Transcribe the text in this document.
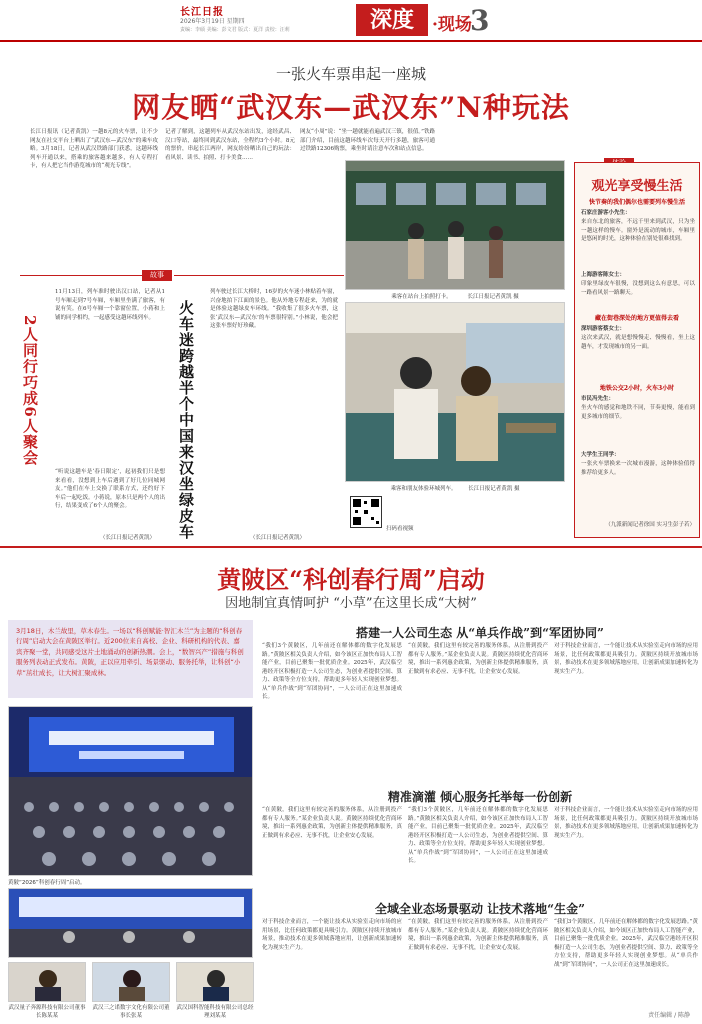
长江日报
2026年3月19日 星期四
责编：李硕 美编：彭文君 版式：夏洋 责校：汪莉	深度	·现场
3
一张火车票串起一座城
网友晒“武汉东—武汉东”N种玩法
长江日报讯（记者黄凯）一趟8元的火车票，让不少网友在社交平台上晒出了“武汉东—武汉东”的乘车攻略。3月18日，记者从武汉铁路部门获悉，这趟环线列车开通以来，搭乘的旅客越来越多，有人专程打卡，有人把它当作游览城市的“观光专线”。
记者了解到，这趟列车从武汉东站出发，途经武昌、汉口等站，最终回到武汉东站，全程约3个小时。8元的票价，串起长江两岸，网友纷纷晒出自己的玩法：看风景、读书、拍照、打卡美食……
网友“小周”说：“坐一趟就能看遍武汉三镇，很值。”铁路部门介绍，目前这趟环线车次每天开行多趟，旅客可通过铁路12306购票，乘坐时请注意车次和站点信息。
故事
2人同行巧成6人聚会
11月13日，列车准时驶出汉口站，记者从1号车厢走到7号车厢，车厢里坐满了旅客，有说有笑。在6号车厢一个靠窗位置，小蒋和上铺的同学相约，一起感受这趟环线列车。
“听说这趟车是‘春日限定’，起初我们只是想来看看，没想到上车后遇到了好几位同城网友。”他们在车上交换了联系方式，还约好下车后一起吃饭。小蒋说，原本只是两个人的出行，结果变成了6个人的聚会。
（长江日报记者黄凯）	火车迷跨越半个中国来汉坐绿皮车
列车驶过长江大桥时，16岁的火车迷小林贴着车窗，兴奋地拍下江面的景色。他从外地专程赶来，为的就是体验这趟绿皮车环线。“我收集了很多火车票，这张‘武汉东—武汉东’的车票很特别。”小林说，他会把这张车票好好珍藏。
（长江日报记者黄凯）
乘客在站台上拍照打卡。	长江日报记者黄凯 摄
乘客和朋友体验环城列车。 长江日报记者黄凯 摄
扫码看视频
观光享受慢生活
快节奏的我们偶尔也需要列车慢生活
石家庄游客小先生：
来自东北的旅客，不远千里来到武汉，只为坐一趟这样的慢车。窗外是流动的城市，车厢里是悠闲的时光，这种体验在别处很难找到。
上海游客陈女士：
印象里绿皮车很慢，没想到这么有意思，可以一路看风景一路聊天。
藏在街巷深处的地方更值得去看
深圳游客蔡女士：
这次来武汉，就是想慢慢走、慢慢看，坐上这趟车，才发现城市的另一面。
地铁公交2小时，火车3小时
市民冯先生：
坐火车的感觉和地铁不同，节奏更慢，能看到更多城市的细节。
大学生王同学：
一张火车票换来一次城市漫游，这种体验值得推荐给更多人。
（九派新闻记者徐国 实习生彭子若）
黄陂区“科创春行周”启动
因地制宜真情呵护 “小草”在这里长成“大树”
3月18日，木兰故里，草木春生。一场以“科创赋能·智汇木兰”为主题的“科创春行周”启动大会在黄陂区举行。近200位来自高校、企业、科研机构的代表、嘉宾齐聚一堂，共同感受这片土地涌动的创新热潮。会上，“数智兴产”措施与科创服务列表动正式发布。黄陂，正以应用牵引、场景驱动、服务托举，让科创“小草”茁壮成长，让大树汇聚成林。
黄陂“2026”科创春行周”启动。
武汉量子奔源科技有限公司董事长陈某某
武汉三之诺数字文化有限公司董事长张某
武汉国科智能科技有限公司总经理刘某某
搭建一人公司生态 从“单兵作战”到“军团协同”
“我们3个黄陂区，几年前还在解体都的数字化发展思路。”黄陂区相关负责人介绍，如今该区正加快布局人工智能产业，目前已聚集一批优质企业。2025年，武汉临空港经开区积极打造一人公司生态，为创业者提供空间、算力、政策等全方位支持，帮助更多年轻人实现创业梦想。从“单兵作战”到“军团协同”，一人公司正在这里加速成长。
“在黄陂，我们这里有较完善的服务体系，从注册到投产都有专人服务。”某企业负责人说。黄陂区持续优化营商环境，推出一系列惠企政策，为创新主体提供精准服务，真正做到有求必应、无事不扰，让企业安心发展。
对于科技企业而言，一个能让技术从实验室走向市场的应用场景，比任何政策都更具吸引力。黄陂区持续开放城市场景，推动技术在更多领域落地应用，让创新成果加速转化为现实生产力。
精准滴灌 倾心服务托举每一份创新
“在黄陂，我们这里有较完善的服务体系，从注册到投产都有专人服务。”某企业负责人说。黄陂区持续优化营商环境，推出一系列惠企政策，为创新主体提供精准服务，真正做到有求必应、无事不扰，让企业安心发展。
“我们3个黄陂区，几年前还在解体都的数字化发展思路。”黄陂区相关负责人介绍，如今该区正加快布局人工智能产业，目前已聚集一批优质企业。2025年，武汉临空港经开区积极打造一人公司生态，为创业者提供空间、算力、政策等全方位支持，帮助更多年轻人实现创业梦想。从“单兵作战”到“军团协同”，一人公司正在这里加速成长。
对于科技企业而言，一个能让技术从实验室走向市场的应用场景，比任何政策都更具吸引力。黄陂区持续开放城市场景，推动技术在更多领域落地应用，让创新成果加速转化为现实生产力。
全域全业态场景驱动 让技术落地“生金”
对于科技企业而言，一个能让技术从实验室走向市场的应用场景，比任何政策都更具吸引力。黄陂区持续开放城市场景，推动技术在更多领域落地应用，让创新成果加速转化为现实生产力。
“在黄陂，我们这里有较完善的服务体系，从注册到投产都有专人服务。”某企业负责人说。黄陂区持续优化营商环境，推出一系列惠企政策，为创新主体提供精准服务，真正做到有求必应、无事不扰，让企业安心发展。
“我们3个黄陂区，几年前还在解体都的数字化发展思路。”黄陂区相关负责人介绍，如今该区正加快布局人工智能产业，目前已聚集一批优质企业。2025年，武汉临空港经开区积极打造一人公司生态，为创业者提供空间、算力、政策等全方位支持，帮助更多年轻人实现创业梦想。从“单兵作战”到“军团协同”，一人公司正在这里加速成长。
责任编辑 / 陈静
